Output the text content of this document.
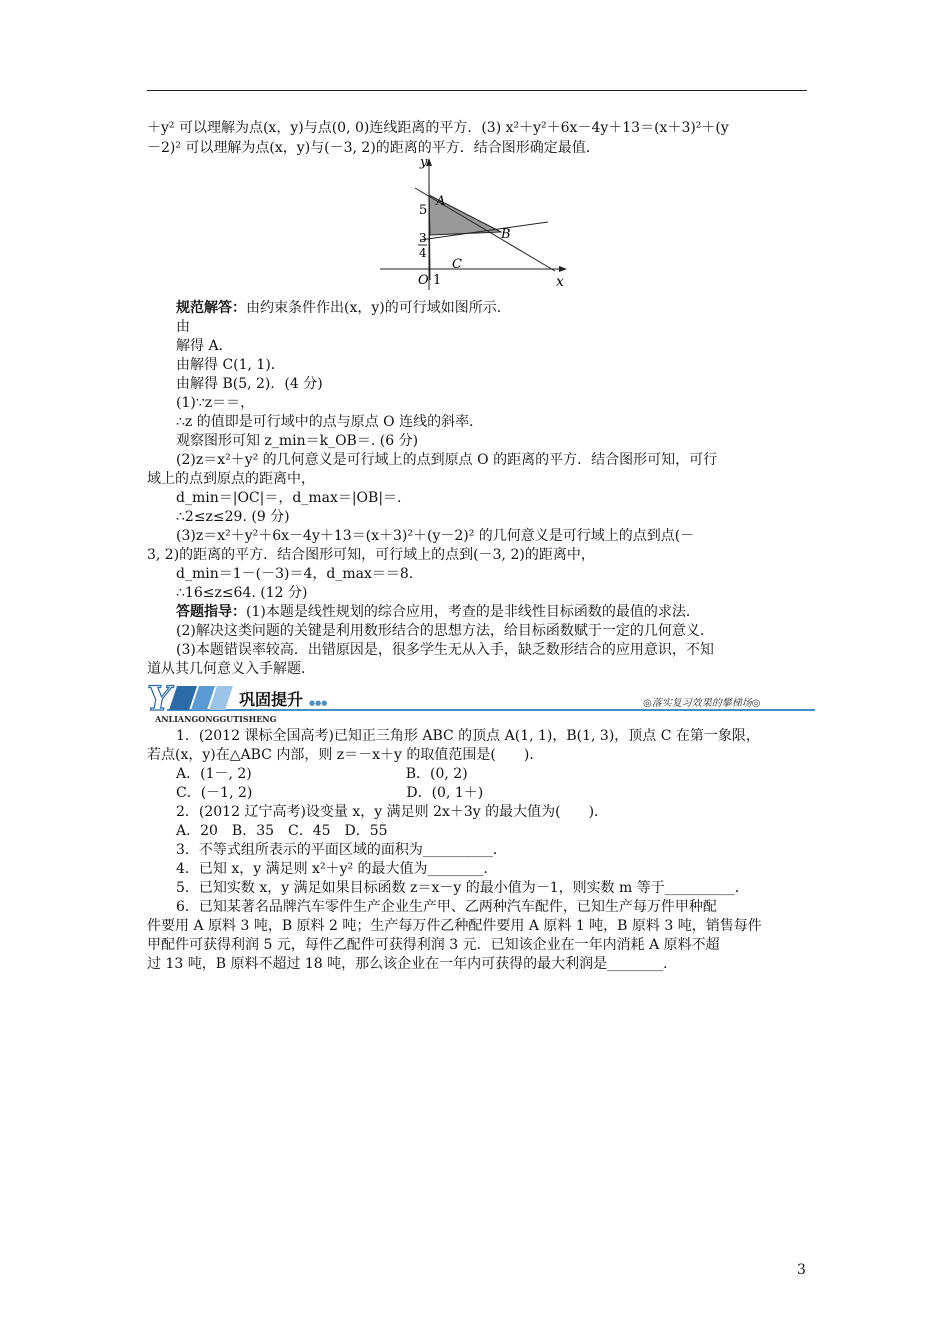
＋y² 可以理解为点(x，y)与点(0, 0)连线距离的平方．(3) x²＋y²＋6x－4y＋13＝(x＋3)²＋(y
－2)² 可以理解为点(x，y)与(－3, 2)的距离的平方．结合图形确定最值．
y
x
5
3
4
O 1
A
B
C
规范解答：由约束条件作出(x，y)的可行域如图所示．
由
解得 A.
由解得 C(1, 1)．
由解得 B(5, 2)．(4 分)
(1)∵z＝＝，
∴z 的值即是可行域中的点与原点 O 连线的斜率．
观察图形可知 z_min＝k_OB＝. (6 分)
(2)z＝x²＋y² 的几何意义是可行域上的点到原点 O 的距离的平方．结合图形可知，可行
域上的点到原点的距离中，
d_min＝|OC|＝，d_max＝|OB|＝.
∴2≤z≤29. (9 分)
(3)z＝x²＋y²＋6x－4y＋13＝(x＋3)²＋(y－2)² 的几何意义是可行域上的点到点(－
3, 2)的距离的平方．结合图形可知，可行域上的点到(－3, 2)的距离中，
d_min＝1－(－3)＝4，d_max＝＝8.
∴16≤z≤64. (12 分)
答题指导：(1)本题是线性规划的综合应用，考查的是非线性目标函数的最值的求法．
(2)解决这类问题的关键是利用数形结合的思想方法，给目标函数赋于一定的几何意义．
(3)本题错误率较高．出错原因是，很多学生无从入手，缺乏数形结合的应用意识，不知
道从其几何意义入手解题．
Y	巩固提升 ●●●
ANLIANGONGGUTISHENG
◎落实复习效果的攀梯场◎
1．(2012 课标全国高考)已知正三角形 ABC 的顶点 A(1, 1)，B(1, 3)，顶点 C 在第一象限，
若点(x，y)在△ABC 内部，则 z＝－x＋y 的取值范围是(　　)．
A．(1－, 2)　　　　　　　　　　　B．(0, 2)
C．(－1, 2)　　　　　　　　　　　D．(0, 1＋)
2．(2012 辽宁高考)设变量 x，y 满足则 2x＋3y 的最大值为(　　)．
A．20　B．35　C．45　D．55
3．不等式组所表示的平面区域的面积为__________．
4．已知 x，y 满足则 x²＋y² 的最大值为________．
5．已知实数 x，y 满足如果目标函数 z＝x－y 的最小值为－1，则实数 m 等于__________．
6．已知某著名品牌汽车零件生产企业生产甲、乙两种汽车配件，已知生产每万件甲种配
件要用 A 原料 3 吨，B 原料 2 吨；生产每万件乙种配件要用 A 原料 1 吨，B 原料 3 吨，销售每件
甲配件可获得利润 5 元，每件乙配件可获得利润 3 元．已知该企业在一年内消耗 A 原料不超
过 13 吨，B 原料不超过 18 吨，那么该企业在一年内可获得的最大利润是________．
3
